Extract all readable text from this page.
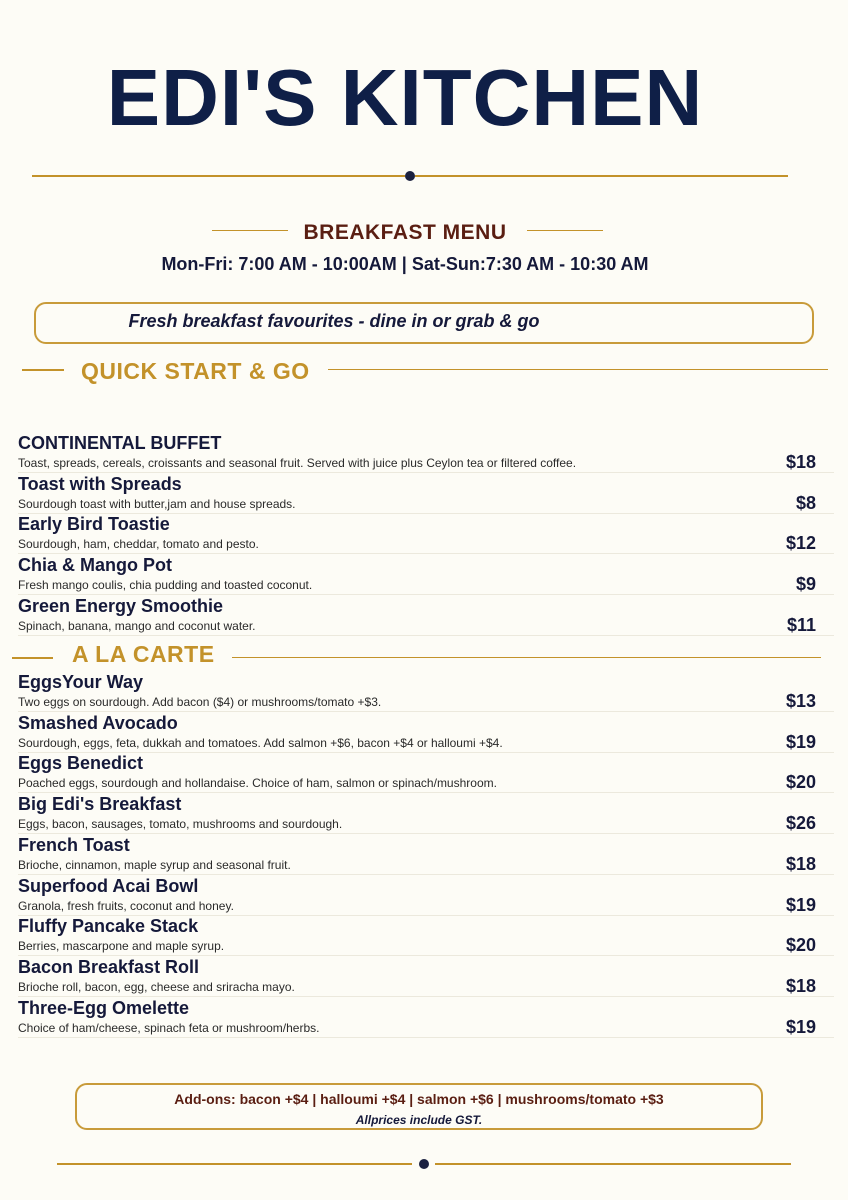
EDI'S KITCHEN
BREAKFAST MENU
Mon-Fri: 7:00 AM - 10:00AM | Sat-Sun:7:30 AM - 10:30 AM
Fresh breakfast favourites - dine in or grab & go
QUICK START & GO
CONTINENTAL BUFFET
Toast, spreads, cereals, croissants and seasonal fruit. Served with juice plus Ceylon tea or filtered coffee.	$18
Toast with Spreads
Sourdough toast with butter,jam and house spreads.	$8
Early Bird Toastie
Sourdough, ham, cheddar, tomato and pesto.	$12
Chia & Mango Pot
Fresh mango coulis, chia pudding and toasted coconut.	$9
Green Energy Smoothie
Spinach, banana, mango and coconut water.	$11
A LA CARTE
EggsYour Way
Two eggs on sourdough. Add bacon ($4) or mushrooms/tomato +$3.	$13
Smashed Avocado
Sourdough, eggs, feta, dukkah and tomatoes. Add salmon +$6, bacon +$4 or halloumi +$4.	$19
Eggs Benedict
Poached eggs, sourdough and hollandaise. Choice of ham, salmon or spinach/mushroom.	$20
Big Edi's Breakfast
Eggs, bacon, sausages, tomato, mushrooms and sourdough.	$26
French Toast
Brioche, cinnamon, maple syrup and seasonal fruit.	$18
Superfood Acai Bowl
Granola, fresh fruits, coconut and honey.	$19
Fluffy Pancake Stack
Berries, mascarpone and maple syrup.	$20
Bacon Breakfast Roll
Brioche roll, bacon, egg, cheese and sriracha mayo.	$18
Three-Egg Omelette
Choice of ham/cheese, spinach feta or mushroom/herbs.	$19
Add-ons: bacon +$4 | halloumi +$4 | salmon +$6 | mushrooms/tomato +$3
Allprices include GST.
